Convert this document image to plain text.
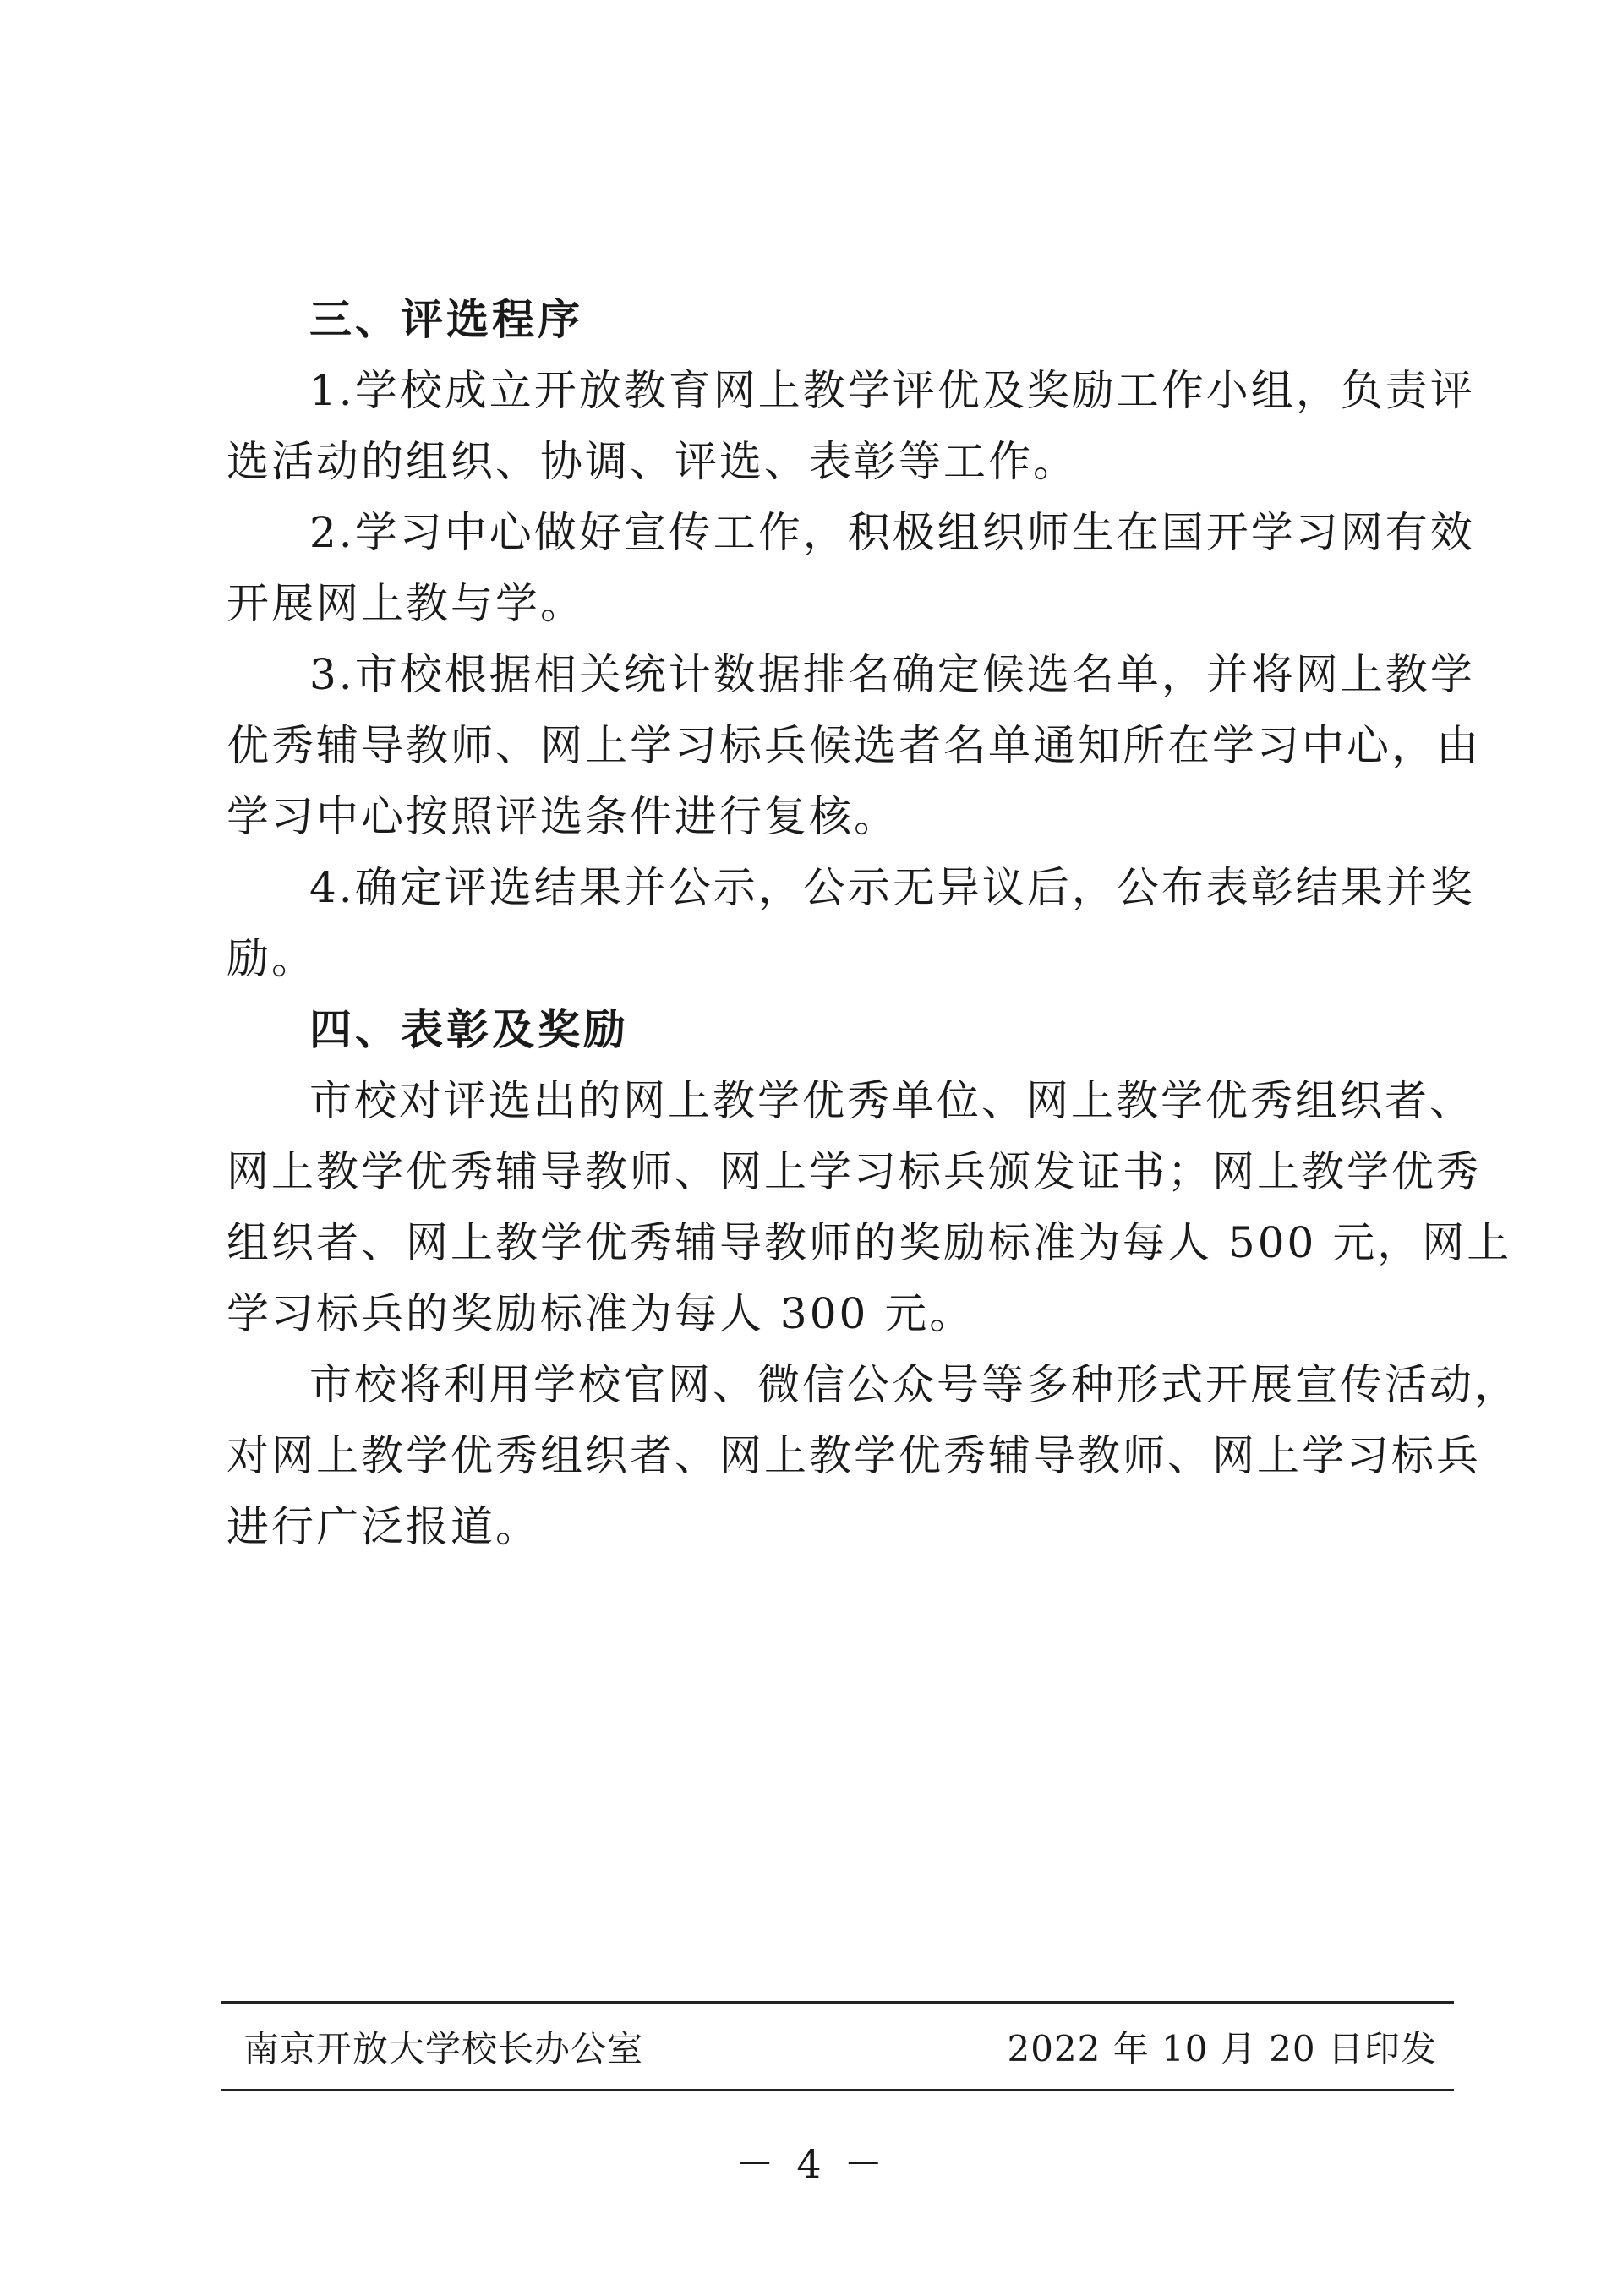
三、评选程序
1.学校成立开放教育网上教学评优及奖励工作小组，负责评
选活动的组织、协调、评选、表彰等工作。
2.学习中心做好宣传工作，积极组织师生在国开学习网有效
开展网上教与学。
3.市校根据相关统计数据排名确定候选名单，并将网上教学
优秀辅导教师、网上学习标兵候选者名单通知所在学习中心，由
学习中心按照评选条件进行复核。
4.确定评选结果并公示，公示无异议后，公布表彰结果并奖
励。
四、表彰及奖励
市校对评选出的网上教学优秀单位、网上教学优秀组织者、
网上教学优秀辅导教师、网上学习标兵颁发证书；网上教学优秀
组织者、网上教学优秀辅导教师的奖励标准为每人 500 元，网上
学习标兵的奖励标准为每人 300 元。
市校将利用学校官网、微信公众号等多种形式开展宣传活动，
对网上教学优秀组织者、网上教学优秀辅导教师、网上学习标兵
进行广泛报道。
南京开放大学校长办公室	2022 年 10 月 20 日印发
－ 4 －
